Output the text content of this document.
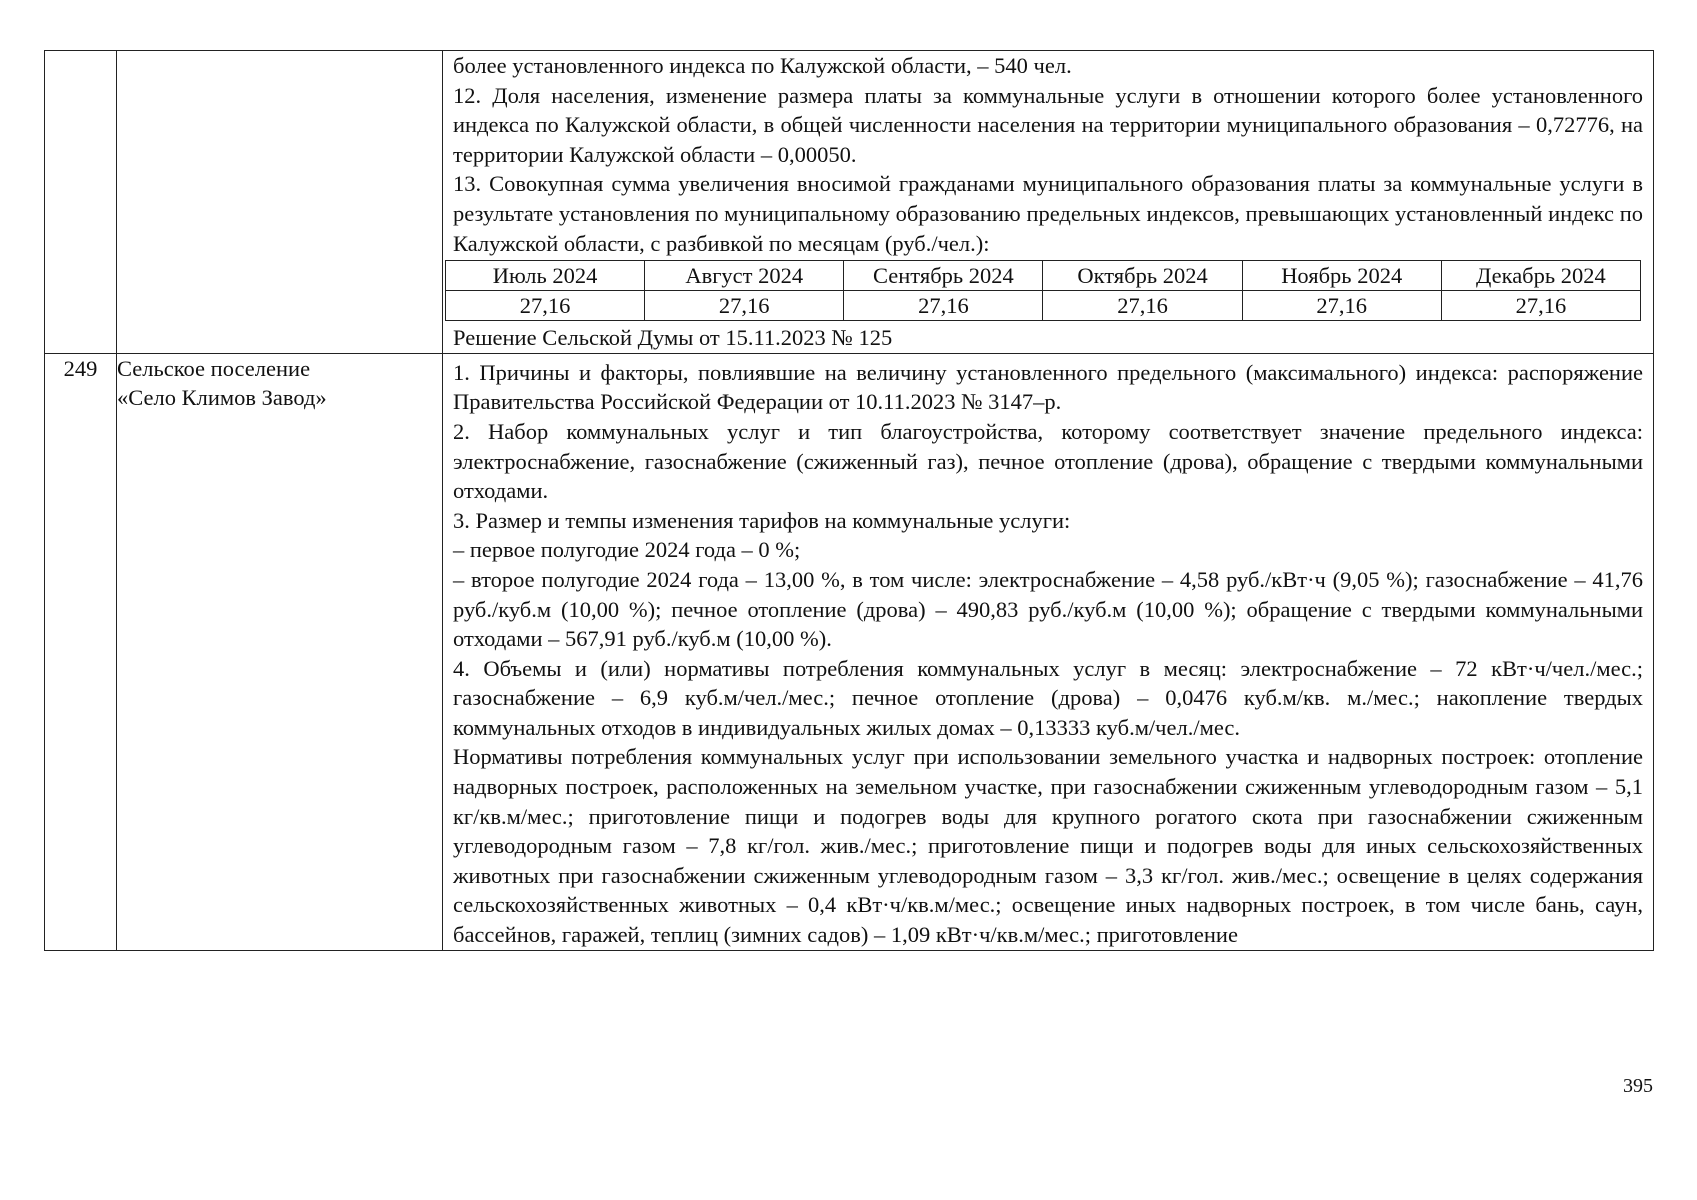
более установленного индекса по Калужской области, – 540 чел.

12. Доля населения, изменение размера платы за коммунальные услуги в отношении которого более установленного индекса по Калужской области, в общей численности населения на территории муниципального образования – 0,72776, на территории Калужской области – 0,00050.

13. Совокупная сумма увеличения вносимой гражданами муниципального образования платы за коммунальные услуги в результате установления по муниципальному образованию предельных индексов, превышающих установленный индекс по Калужской области, с разбивкой по месяцам (руб./чел.):

Июль 2024	Август 2024	Сентябрь 2024	Октябрь 2024	Ноябрь 2024	Декабрь 2024
27,16	27,16	27,16	27,16	27,16	27,16

Решение Сельской Думы от 15.11.2023 № 125

249	Сельское поселение
«Село Климов Завод»

1. Причины и факторы, повлиявшие на величину установленного предельного (максимального) индекса: распоряжение Правительства Российской Федерации от 10.11.2023 № 3147–р.

2. Набор коммунальных услуг и тип благоустройства, которому соответствует значение предельного индекса: электроснабжение, газоснабжение (сжиженный газ), печное отопление (дрова), обращение с твердыми коммунальными отходами.

3. Размер и темпы изменения тарифов на коммунальные услуги:

– первое полугодие 2024 года – 0 %;

– второе полугодие 2024 года – 13,00 %, в том числе: электроснабжение – 4,58 руб./кВт·ч (9,05 %); газоснабжение – 41,76 руб./куб.м (10,00 %); печное отопление (дрова) – 490,83 руб./куб.м (10,00 %); обращение с твердыми коммунальными отходами – 567,91 руб./куб.м (10,00 %).

4. Объемы и (или) нормативы потребления коммунальных услуг в месяц: электроснабжение – 72 кВт·ч/чел./мес.; газоснабжение – 6,9 куб.м/чел./мес.; печное отопление (дрова) – 0,0476 куб.м/кв. м./мес.; накопление твердых коммунальных отходов в индивидуальных жилых домах – 0,13333 куб.м/чел./мес.

Нормативы потребления коммунальных услуг при использовании земельного участка и надворных построек: отопление надворных построек, расположенных на земельном участке, при газоснабжении сжиженным углеводородным газом – 5,1 кг/кв.м/мес.; приготовление пищи и подогрев воды для крупного рогатого скота при газоснабжении сжиженным углеводородным газом – 7,8 кг/гол. жив./мес.; приготовление пищи и подогрев воды для иных сельскохозяйственных животных при газоснабжении сжиженным углеводородным газом – 3,3 кг/гол. жив./мес.; освещение в целях содержания сельскохозяйственных животных – 0,4 кВт·ч/кв.м/мес.; освещение иных надворных построек, в том числе бань, саун, бассейнов, гаражей, теплиц (зимних садов) – 1,09 кВт·ч/кв.м/мес.; приготовление

395
